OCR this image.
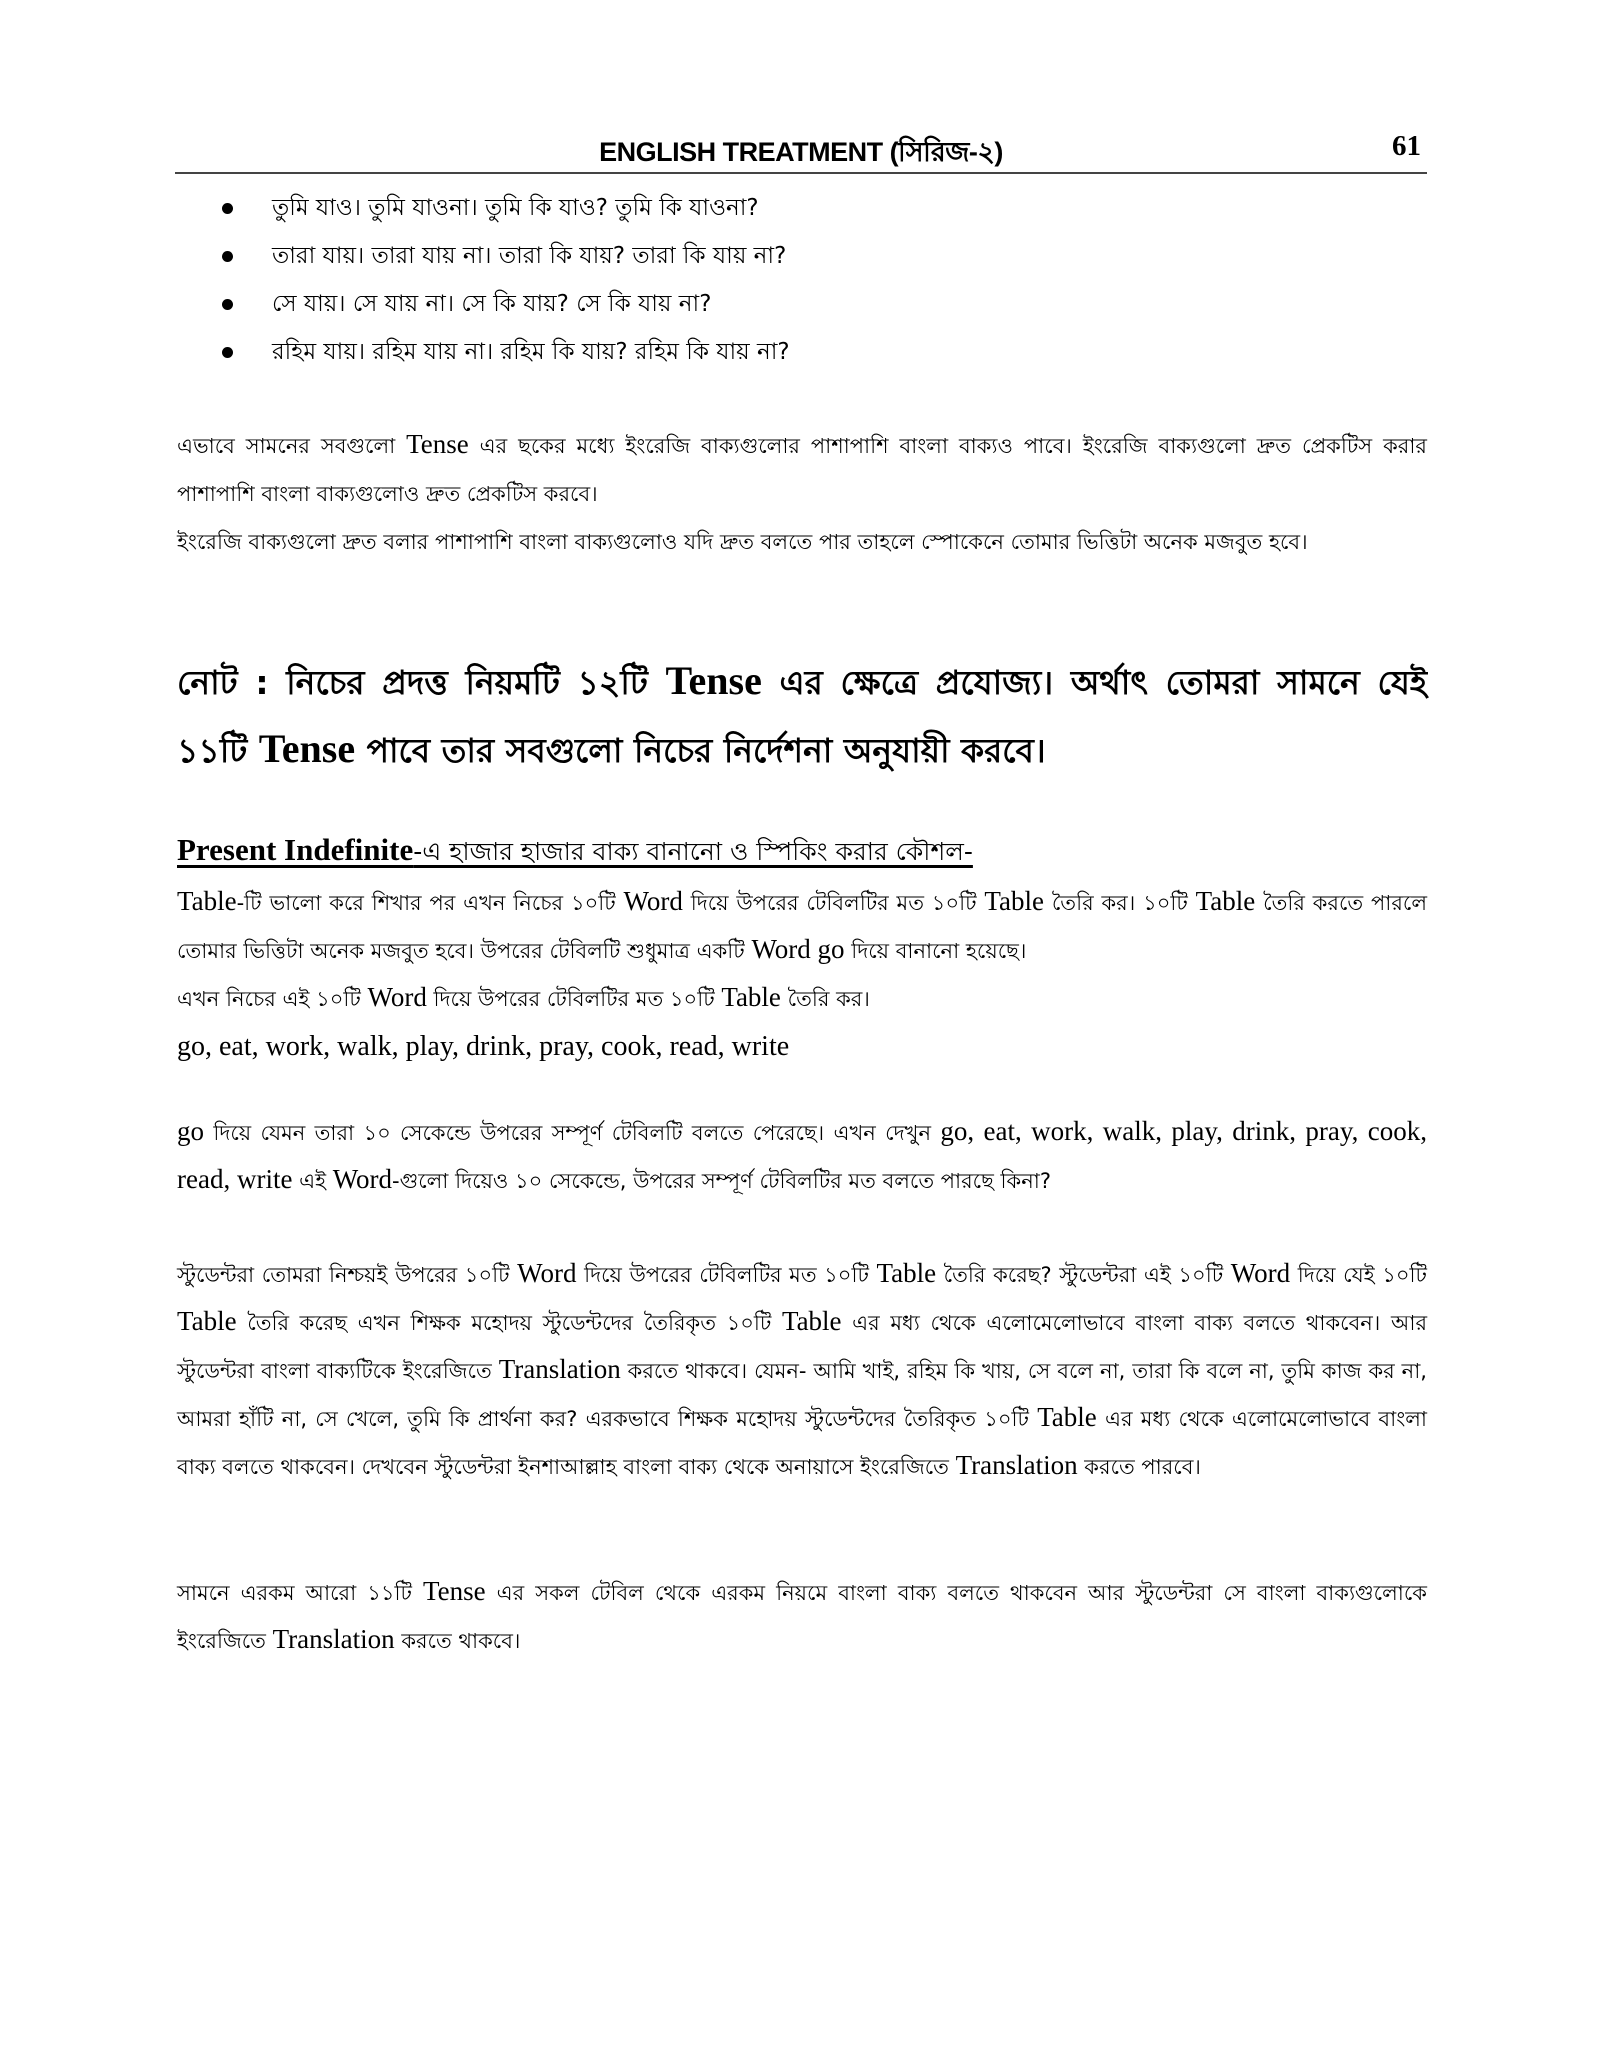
ENGLISH TREATMENT (সিরিজ-২)	61
তুমি যাও। তুমি যাওনা। তুমি কি যাও? তুমি কি যাওনা?
তারা যায়। তারা যায় না। তারা কি যায়? তারা কি যায় না?
সে যায়। সে যায় না। সে কি যায়? সে কি যায় না?
রহিম যায়। রহিম যায় না। রহিম কি যায়? রহিম কি যায় না?
এভাবে সামনের সবগুলো Tense এর ছকের মধ্যে ইংরেজি বাক্যগুলোর পাশাপাশি বাংলা বাক্যও পাবে। ইংরেজি বাক্যগুলো দ্রুত প্রেকটিস করার পাশাপাশি বাংলা বাক্যগুলোও দ্রুত প্রেকটিস করবে।
ইংরেজি বাক্যগুলো দ্রুত বলার পাশাপাশি বাংলা বাক্যগুলোও যদি দ্রুত বলতে পার তাহলে স্পোকেনে তোমার ভিত্তিটা অনেক মজবুত হবে।
নোট : নিচের প্রদত্ত নিয়মটি ১২টি Tense এর ক্ষেত্রে প্রযোজ্য। অর্থাৎ তোমরা সামনে যেই ১১টি Tense পাবে তার সবগুলো নিচের নির্দেশনা অনুযায়ী করবে।
Present Indefinite-এ হাজার হাজার বাক্য বানানো ও স্পিকিং করার কৌশল-
Table-টি ভালো করে শিখার পর এখন নিচের ১০টি Word দিয়ে উপরের টেবিলটির মত ১০টি Table তৈরি কর। ১০টি Table তৈরি করতে পারলে তোমার ভিত্তিটা অনেক মজবুত হবে। উপরের টেবিলটি শুধুমাত্র একটি Word go দিয়ে বানানো হয়েছে।
এখন নিচের এই ১০টি Word দিয়ে উপরের টেবিলটির মত ১০টি Table তৈরি কর।
go, eat, work, walk, play, drink, pray, cook, read, write
go দিয়ে যেমন তারা ১০ সেকেন্ডে উপরের সম্পূর্ণ টেবিলটি বলতে পেরেছে। এখন দেখুন go, eat, work, walk, play, drink, pray, cook, read, write এই Word-গুলো দিয়েও ১০ সেকেন্ডে, উপরের সম্পূর্ণ টেবিলটির মত বলতে পারছে কিনা?
স্টুডেন্টরা তোমরা নিশ্চয়ই উপরের ১০টি Word দিয়ে উপরের টেবিলটির মত ১০টি Table তৈরি করেছ? স্টুডেন্টরা এই ১০টি Word দিয়ে যেই ১০টি Table তৈরি করেছ এখন শিক্ষক মহোদয় স্টুডেন্টদের তৈরিকৃত ১০টি Table এর মধ্য থেকে এলোমেলোভাবে বাংলা বাক্য বলতে থাকবেন। আর স্টুডেন্টরা বাংলা বাক্যটিকে ইংরেজিতে Translation করতে থাকবে। যেমন- আমি খাই, রহিম কি খায়, সে বলে না, তারা কি বলে না, তুমি কাজ কর না, আমরা হাঁটি না, সে খেলে, তুমি কি প্রার্থনা কর? এরকভাবে শিক্ষক মহোদয় স্টুডেন্টদের তৈরিকৃত ১০টি Table এর মধ্য থেকে এলোমেলোভাবে বাংলা বাক্য বলতে থাকবেন। দেখবেন স্টুডেন্টরা ইনশাআল্লাহ বাংলা বাক্য থেকে অনায়াসে ইংরেজিতে Translation করতে পারবে।
সামনে এরকম আরো ১১টি Tense এর সকল টেবিল থেকে এরকম নিয়মে বাংলা বাক্য বলতে থাকবেন আর স্টুডেন্টরা সে বাংলা বাক্যগুলোকে ইংরেজিতে Translation করতে থাকবে।
